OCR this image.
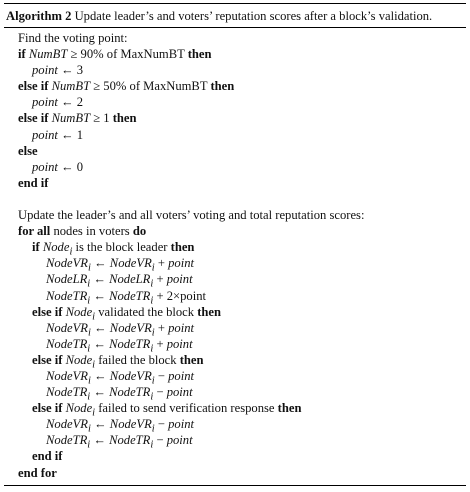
Algorithm 2 Update leader’s and voters’ reputation scores after a block’s validation.
Find the voting point:
if NumBT ≥ 90% of MaxNumBT then
point ← 3
else if NumBT ≥ 50% of MaxNumBT then
point ← 2
else if NumBT ≥ 1 then
point ← 1
else
point ← 0
end if
Update the leader’s and all voters’ voting and total reputation scores:
for all nodes in voters do
if Node$_i$ is the block leader then
NodeVR$_i$ ← NodeVR$_i$ + point
NodeLR$_i$ ← NodeLR$_i$ + point
NodeTR$_i$ ← NodeTR$_i$ + 2×point
else if Node$_i$ validated the block then
NodeVR$_i$ ← NodeVR$_i$ + point
NodeTR$_i$ ← NodeTR$_i$ + point
else if Node$_i$ failed the block then
NodeVR$_i$ ← NodeVR$_i$ − point
NodeTR$_i$ ← NodeTR$_i$ − point
else if Node$_i$ failed to send verification response then
NodeVR$_i$ ← NodeVR$_i$ − point
NodeTR$_i$ ← NodeTR$_i$ − point
end if
end for
